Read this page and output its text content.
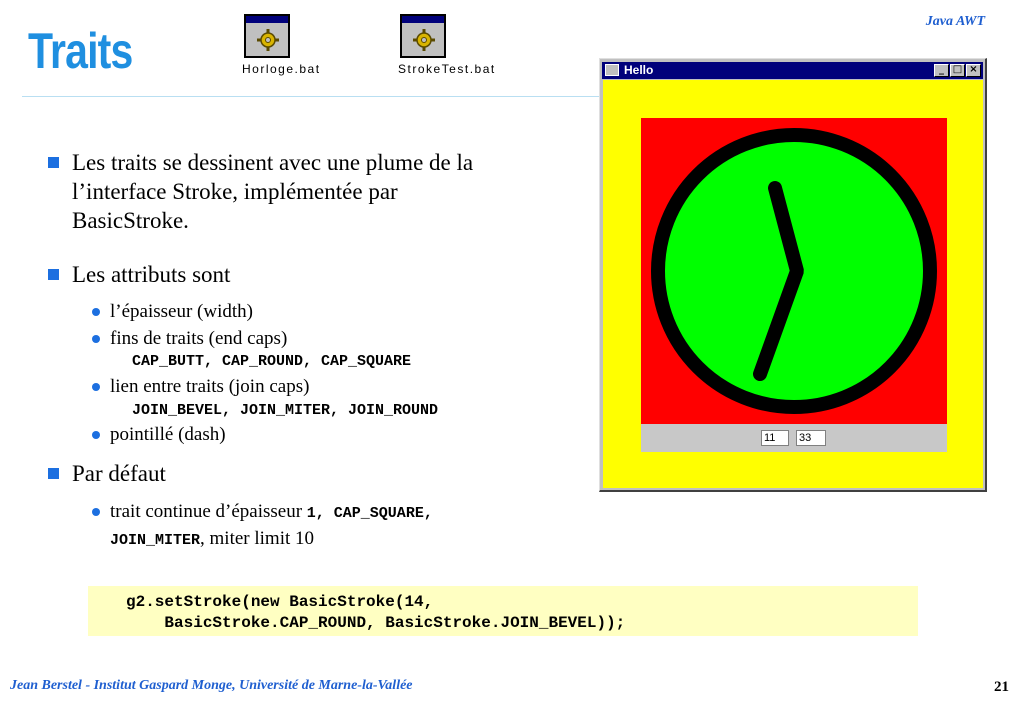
Traits
Java AWT
Horloge.bat	StrokeTest.bat
Les traits se dessinent avec une plume de la
l’interface Stroke, implémentée par
BasicStroke.
Les attributs sont
l’épaisseur (width)
fins de traits (end caps)
CAP_BUTT, CAP_ROUND, CAP_SQUARE
lien entre traits (join caps)
JOIN_BEVEL, JOIN_MITER, JOIN_ROUND
pointillé (dash)
Par défaut
trait continue d’épaisseur 1, CAP_SQUARE,
JOIN_MITER, miter limit 10
g2.setStroke(new BasicStroke(14,
BasicStroke.CAP_ROUND, BasicStroke.JOIN_BEVEL));
Hello	_ □ ×
11	33
Jean Berstel - Institut Gaspard Monge, Université de Marne-la-Vallée	21
